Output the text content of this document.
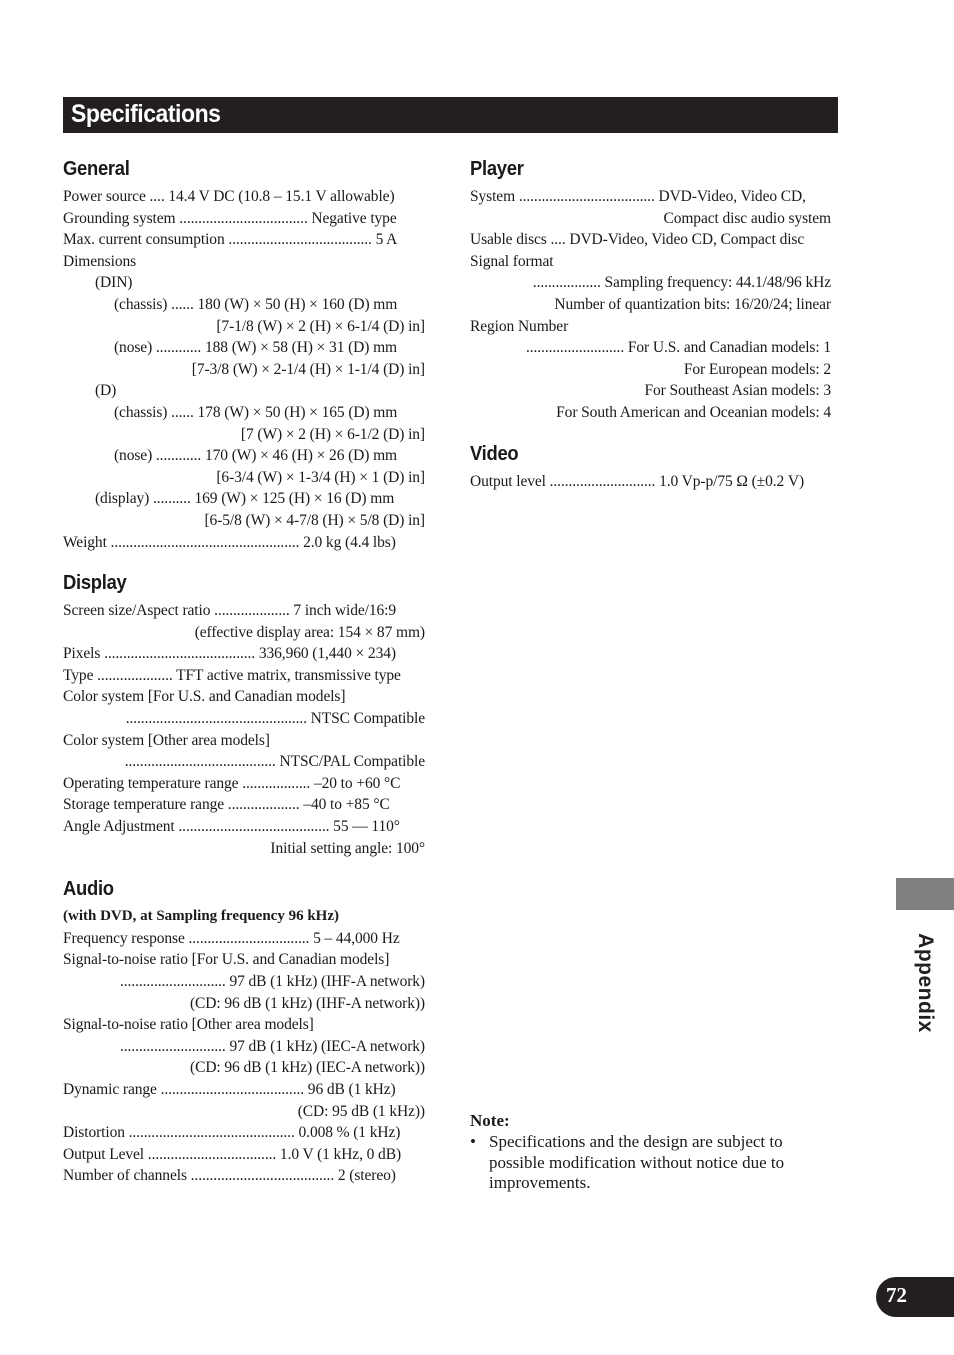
Specifications
General
Power source .... 14.4 V DC (10.8 – 15.1 V allowable)
Grounding system .................................. Negative type
Max. current consumption ...................................... 5 A
Dimensions
(DIN)
(chassis) ...... 180 (W) × 50 (H) × 160 (D) mm
[7-1/8 (W) × 2 (H) × 6-1/4 (D) in]
(nose) ............ 188 (W) × 58 (H) × 31 (D) mm
[7-3/8 (W) × 2-1/4 (H) × 1-1/4 (D) in]
(D)
(chassis) ...... 178 (W) × 50 (H) × 165 (D) mm
[7 (W) × 2 (H) × 6-1/2 (D) in]
(nose) ............ 170 (W) × 46 (H) × 26 (D) mm
[6-3/4 (W) × 1-3/4 (H) × 1 (D) in]
(display) .......... 169 (W) × 125 (H) × 16 (D) mm
[6-5/8 (W) × 4-7/8 (H) × 5/8 (D) in]
Weight .................................................. 2.0 kg (4.4 lbs)
Display
Screen size/Aspect ratio .................... 7 inch wide/16:9
(effective display area: 154 × 87 mm)
Pixels ........................................ 336,960 (1,440 × 234)
Type .................... TFT active matrix, transmissive type
Color system [For U.S. and Canadian models]
................................................ NTSC Compatible
Color system [Other area models]
........................................ NTSC/PAL Compatible
Operating temperature range .................. –20 to +60 °C
Storage temperature range ................... –40 to +85 °C
Angle Adjustment ........................................ 55 — 110°
Initial setting angle: 100°
Audio
(with DVD, at Sampling frequency 96 kHz)
Frequency response ................................ 5 – 44,000 Hz
Signal-to-noise ratio [For U.S. and Canadian models]
............................ 97 dB (1 kHz) (IHF-A network)
(CD: 96 dB (1 kHz) (IHF-A network))
Signal-to-noise ratio [Other area models]
............................ 97 dB (1 kHz) (IEC-A network)
(CD: 96 dB (1 kHz) (IEC-A network))
Dynamic range ...................................... 96 dB (1 kHz)
(CD: 95 dB (1 kHz))
Distortion ............................................ 0.008 % (1 kHz)
Output Level .................................. 1.0 V (1 kHz, 0 dB)
Number of channels ...................................... 2 (stereo)
Player
System .................................... DVD-Video, Video CD,
Compact disc audio system
Usable discs .... DVD-Video, Video CD, Compact disc
Signal format
.................. Sampling frequency: 44.1/48/96 kHz
Number of quantization bits: 16/20/24; linear
Region Number
.......................... For U.S. and Canadian models: 1
For European models: 2
For Southeast Asian models: 3
For South American and Oceanian models: 4
Video
Output level ............................ 1.0 Vp-p/75 Ω (±0.2 V)
Note:
• Specifications and the design are subject to possible modification without notice due to improvements.
Appendix
72
